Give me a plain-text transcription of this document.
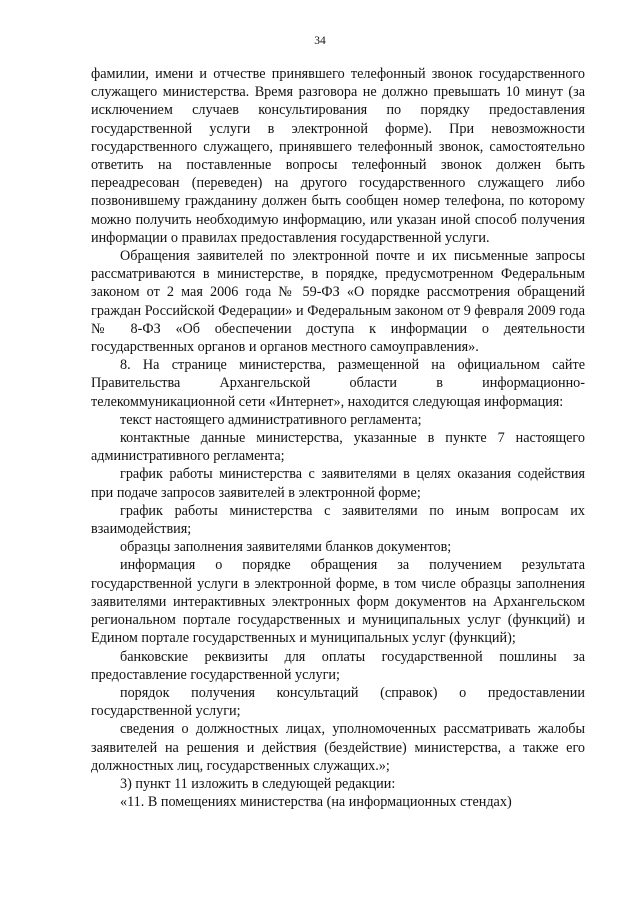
34

фамилии, имени и отчестве принявшего телефонный звонок государственного служащего министерства. Время разговора не должно превышать 10 минут (за исключением случаев консультирования по порядку предоставления государственной услуги в электронной форме). При невозможности государственного служащего, принявшего телефонный звонок, самостоятельно ответить на поставленные вопросы телефонный звонок должен быть переадресован (переведен) на другого государственного служащего либо позвонившему гражданину должен быть сообщен номер телефона, по которому можно получить необходимую информацию, или указан иной способ получения информации о правилах предоставления государственной услуги.

Обращения заявителей по электронной почте и их письменные запросы рассматриваются в министерстве, в порядке, предусмотренном Федеральным законом от 2 мая 2006 года № 59-ФЗ «О порядке рассмотрения обращений граждан Российской Федерации» и Федеральным законом от 9 февраля 2009 года № 8-ФЗ «Об обеспечении доступа к информации о деятельности государственных органов и органов местного самоуправления».

8. На странице министерства, размещенной на официальном сайте Правительства Архангельской области в информационно-телекоммуникационной сети «Интернет», находится следующая информация:

текст настоящего административного регламента;

контактные данные министерства, указанные в пункте 7 настоящего административного регламента;

график работы министерства с заявителями в целях оказания содействия при подаче запросов заявителей в электронной форме;

график работы министерства с заявителями по иным вопросам их взаимодействия;

образцы заполнения заявителями бланков документов;

информация о порядке обращения за получением результата государственной услуги в электронной форме, в том числе образцы заполнения заявителями интерактивных электронных форм документов на Архангельском региональном портале государственных и муниципальных услуг (функций) и Едином портале государственных и муниципальных услуг (функций);

банковские реквизиты для оплаты государственной пошлины за предоставление государственной услуги;

порядок получения консультаций (справок) о предоставлении государственной услуги;

сведения о должностных лицах, уполномоченных рассматривать жалобы заявителей на решения и действия (бездействие) министерства, а также его должностных лиц, государственных служащих.»;

3) пункт 11 изложить в следующей редакции:

«11. В помещениях министерства (на информационных стендах)
